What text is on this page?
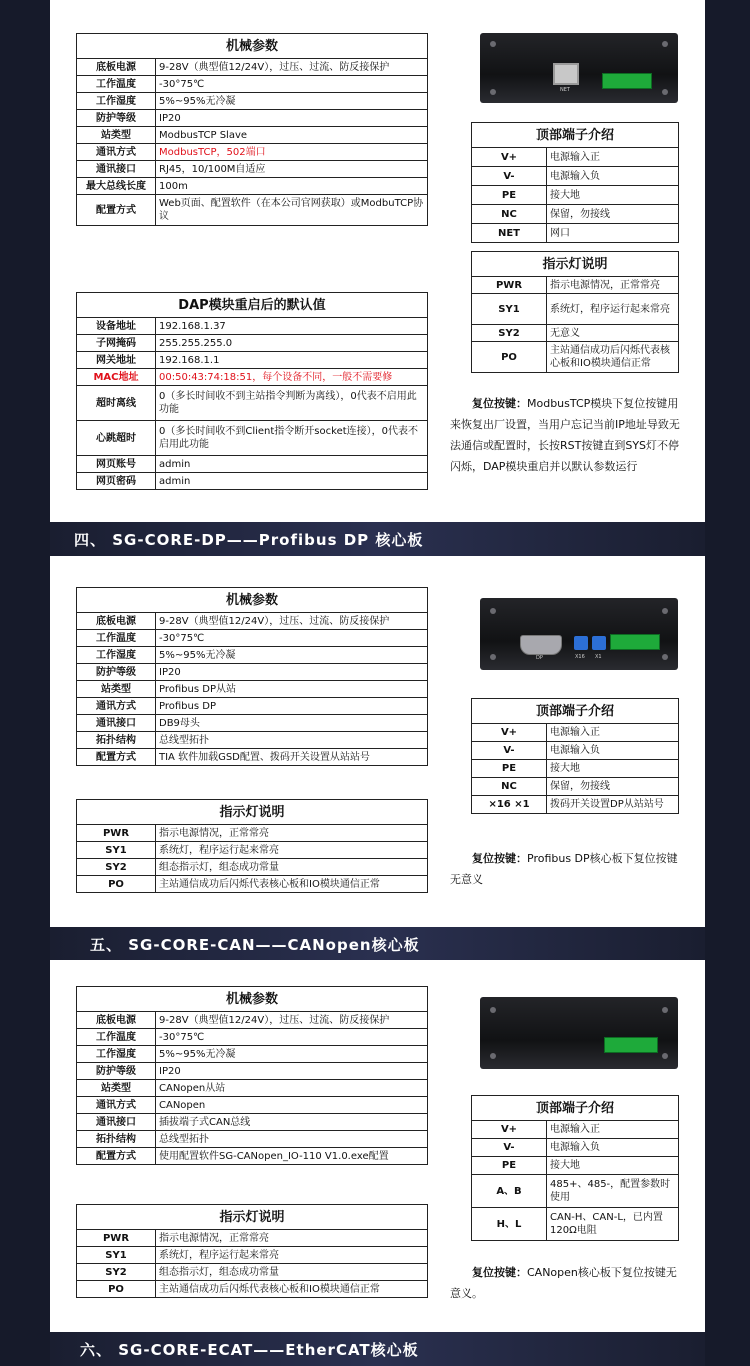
机械参数	
底板电源	9-28V（典型值12/24V），过压、过流、防反接保护
工作温度	-30°75℃
工作湿度	5%~95%无冷凝
防护等级	IP20
站类型	ModbusTCP Slave
通讯方式	ModbusTCP，502端口
通讯接口	RJ45，10/100M自适应
最大总线长度	100m
配置方式	Web页面、配置软件（在本公司官网获取）或ModbuTCP协议
DAP模块重启后的默认值	
设备地址	192.168.1.37
子网掩码	255.255.255.0
网关地址	192.168.1.1
MAC地址	00:50:43:74:18:51，每个设备不同，一般不需要修
超时离线	0（多长时间收不到主站指令判断为离线），0代表不启用此功能
心跳超时	0（多长时间收不到Client指令断开socket连接），0代表不启用此功能
网页账号	admin
网页密码	admin
NET
顶部端子介绍	
V+	电源输入正
V-	电源输入负
PE	接大地
NC	保留，勿接线
NET	网口
指示灯说明	
PWR	指示电源情况，正常常亮
SY1	系统灯，程序运行起来常亮
SY2	无意义
PO	主站通信成功后闪烁代表核心板和IO模块通信正常
复位按键：ModbusTCP模块下复位按键用来恢复出厂设置，当用户忘记当前IP地址导致无法通信或配置时，长按RST按键直到SYS灯不停闪烁，DAP模块重启并以默认参数运行
四、 SG-CORE-DP——Profibus DP 核心板
机械参数	
底板电源	9-28V（典型值12/24V），过压、过流、防反接保护
工作温度	-30°75℃
工作湿度	5%~95%无冷凝
防护等级	IP20
站类型	Profibus DP从站
通讯方式	Profibus DP
通讯接口	DB9母头
拓扑结构	总线型拓扑
配置方式	TIA 软件加载GSD配置、拨码开关设置从站站号
指示灯说明	
PWR	指示电源情况，正常常亮
SY1	系统灯，程序运行起来常亮
SY2	组态指示灯，组态成功常量
PO	主站通信成功后闪烁代表核心板和IO模块通信正常
DP	X16 X1
顶部端子介绍	
V+	电源输入正
V-	电源输入负
PE	接大地
NC	保留，勿接线
×16 ×1	拨码开关设置DP从站站号
复位按键：Profibus DP核心板下复位按键无意义
五、 SG-CORE-CAN——CANopen核心板
机械参数	
底板电源	9-28V（典型值12/24V），过压、过流、防反接保护
工作温度	-30°75℃
工作湿度	5%~95%无冷凝
防护等级	IP20
站类型	CANopen从站
通讯方式	CANopen
通讯接口	插拔端子式CAN总线
拓扑结构	总线型拓扑
配置方式	使用配置软件SG-CANopen_IO-110 V1.0.exe配置
指示灯说明	
PWR	指示电源情况，正常常亮
SY1	系统灯，程序运行起来常亮
SY2	组态指示灯，组态成功常量
PO	主站通信成功后闪烁代表核心板和IO模块通信正常
顶部端子介绍	
V+	电源输入正
V-	电源输入负
PE	接大地
A、B	485+、485-，配置参数时使用
H、L	CAN-H、CAN-L，已内置120Ω电阻
复位按键：CANopen核心板下复位按键无意义。
六、 SG-CORE-ECAT——EtherCAT核心板
